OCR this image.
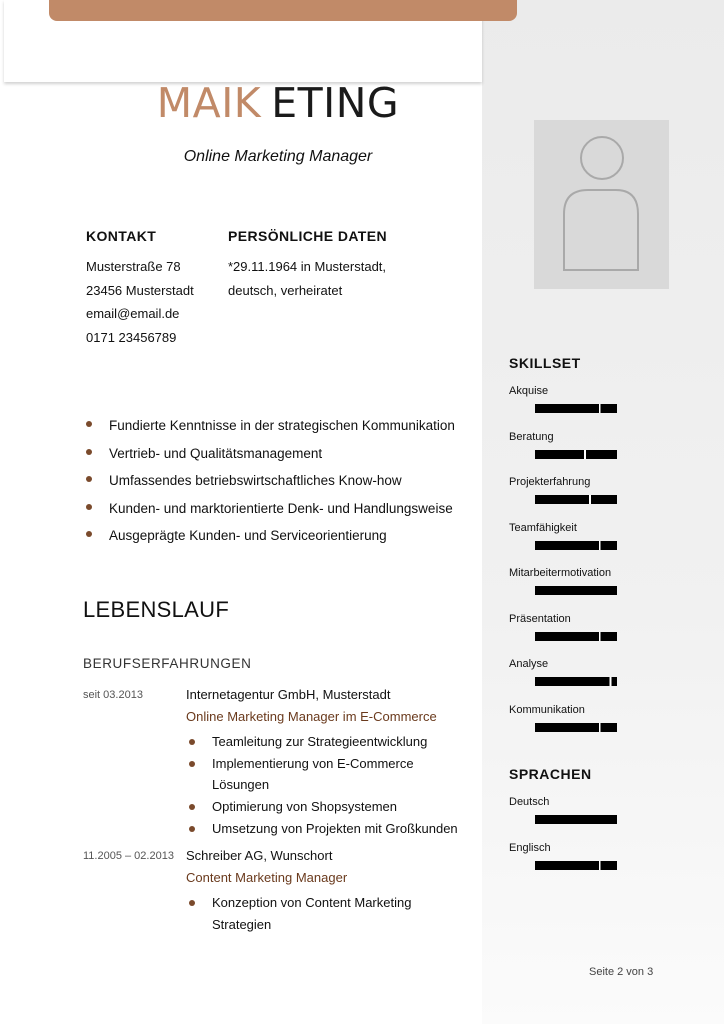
MAIK ETING
Online Marketing Manager
KONTAKT
Musterstraße 78
23456 Musterstadt
email@email.de
0171 23456789
PERSÖNLICHE DATEN
*29.11.1964 in Musterstadt,
deutsch, verheiratet
Fundierte Kenntnisse in der strategischen Kommunikation
Vertrieb- und Qualitätsmanagement
Umfassendes betriebswirtschaftliches Know-how
Kunden- und marktorientierte Denk- und Handlungsweise
Ausgeprägte Kunden- und Serviceorientierung
LEBENSLAUF
BERUFSERFAHRUNGEN
seit 03.2013	Internetagentur GmbH, Musterstadt
Online Marketing Manager im E-Commerce
Teamleitung zur Strategieentwicklung
Implementierung von E-Commerce Lösungen
Optimierung von Shopsystemen
Umsetzung von Projekten mit Großkunden
11.2005 – 02.2013 Schreiber AG, Wunschort
Content Marketing Manager
Konzeption von Content Marketing Strategien
SKILLSET
Akquise
Beratung
Projekterfahrung
Teamfähigkeit
Mitarbeitermotivation
Präsentation
Analyse
Kommunikation
SPRACHEN
Deutsch
Englisch
Seite 2 von 3
